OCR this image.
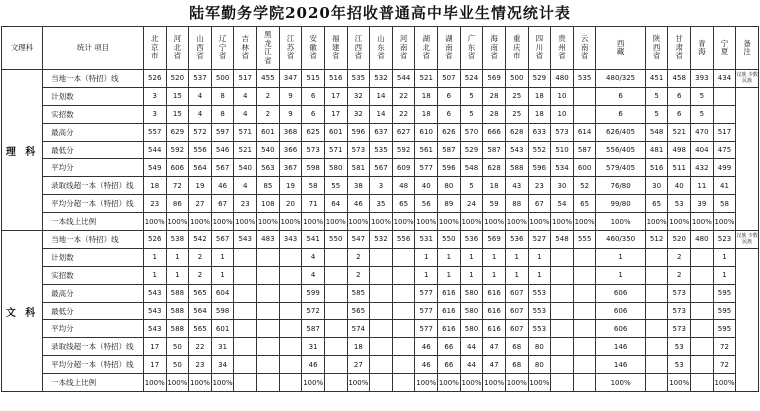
陆军勤务学院2020年招收普通高中毕业生情况统计表
文理科	统计 项目	北京市	河北省	山西省	辽宁省	吉林省	黑龙江省	江苏省	安徽省	福建省	江西省	山东省	河南省	湖北省	湖南省	广东省	海南省	重庆市	四川省	贵州省	云南省	西藏	陕西省	甘肃省	青海	宁夏	备注
理 科	当地一本（特招）线	526	520	537	500	517	455	347	515	516	535	532	544	521	507	524	569	500	529	480	535	480/325	451	458	393	434	汉族 少数民族
	计划数	3	15	4	8	4	2	9	6	17	32	14	22	18	6	5	28	25	18	10		6	5	6	5		
	实招数	3	15	4	8	4	2	9	6	17	32	14	22	18	6	5	28	25	18	10		6	5	6	5		
	最高分	557	629	572	597	571	601	368	625	601	596	637	627	610	626	570	666	628	633	573	614	626/405	548	521	470	517	
	最低分	544	592	556	546	521	540	366	573	571	573	535	592	561	587	529	587	543	552	510	587	556/405	481	498	404	475	
	平均分	549	606	564	567	540	563	367	598	580	581	567	609	577	596	548	628	588	596	534	600	579/405	516	511	432	499	
	录取线超一本（特招）线	18	72	19	46	4	85	19	58	55	38	3	48	40	80	5	18	43	23	30	52	76/80	30	40	11	41	
	平均分超一本（特招）线	23	86	27	67	23	108	20	71	64	46	35	65	56	89	24	59	88	67	54	65	99/80	65	53	39	58	
	一本线上比例	100%	100%	100%	100%	100%	100%	100%	100%	100%	100%	100%	100%	100%	100%	100%	100%	100%	100%	100%	100%	100%	100%	100%	100%	100%	
文 科	当地一本（特招）线	526	538	542	567	543	483	343	541	550	547	532	556	531	550	536	569	536	527	548	555	460/350	512	520	480	523	汉族 少数民族
	计划数	1	1	2	1				4		2			1	1	1	1	1	1			1		2		1	
	实招数	1	1	2	1				4		2			1	1	1	1	1	1			1		2		1	
	最高分	543	588	565	604				599		585			577	616	580	616	607	553			606		573		595	
	最低分	543	588	564	598				572		565			577	616	580	616	607	553			606		573		595	
	平均分	543	588	565	601				587		574			577	616	580	616	607	553			606		573		595	
	录取线超一本（特招）线	17	50	22	31				31		18			46	66	44	47	68	80			146		53		72	
	平均分超一本（特招）线	17	50	23	34				46		27			46	66	44	47	68	80			146		53		72	
	一本线上比例	100%	100%	100%	100%				100%		100%			100%	100%	100%	100%	100%	100%			100%		100%		100%	
